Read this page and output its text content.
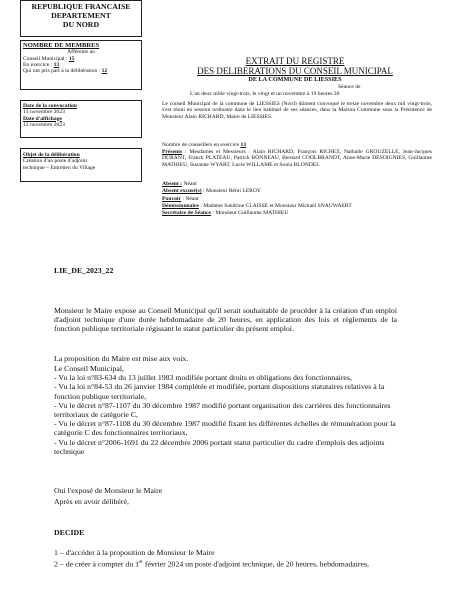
REPUBLIQUE FRANCAISE
DEPARTEMENT
DU NORD
NOMBRE DE MEMBRES
Afférents au
Conseil Municipal : 15
En exercice : 13
Qui ont pris part à la délibération : 12
Date de la convocation
13 novembre 2023
Date d'affichage
13 novembre 2023
Objet de la délibération
Création d'un poste d'adjoint
technique – Entretien du Village
EXTRAIT DU REGISTRE
DES DELIBERATIONS DU CONSEIL MUNICIPAL
DE LA COMMUNE DE LIESSIES
Séance de
L'an deux mille vingt-trois, le vingt et un novembre à 19 heures 30
Le conseil Municipal de la commune de LIESSIES (Nord) dûment convoqué le treize novembre deux mil vingt-trois, s'est réuni en session ordinaire dans le lieu habituel de ses séances, dans la Maison Commune sous la Présidence de Monsieur Alain RICHARD, Maire de LIESSIES.
Nombre de conseillers en exercice 13
Présents : Mesdames et Messieurs : Alain RICHARD, François RICHEZ, Nathalie GROUZELLE, Jean-Jacques DURANT, Franck PLATEAU, Patrick BONNEAU, Bernard COOLBRANDT, Anne-Marie DESOIGNIES, Guillaume MATHIEU, Suzanne WYART, Lucie WILLAME et Sonia BLONDEL
Absent : Néant
Absent excusé(s) : Monsieur Rémi LEROY
Pouvoir : Néant
Démissionnaire : Madame Sandrine CLAISSE et Monsieur Mickaël SNAUWAERT
Secrétaire de Séance : Monsieur Guillaume MATHIEU
LIE_DE_2023_22
Monsieur le Maire expose au Conseil Municipal qu'il serait souhaitable de procéder à la création d'un emploi d'adjoint technique d'une durée hebdomadaire de 20 heures, en application des lois et règlements de la fonction publique territoriale régissant le statut particulier du présent emploi.
La proposition du Maire est mise aux voix.
Le Conseil Municipal,
- Vu la loi n°83-634 du 13 juillet 1983 modifiée portant droits et obligations des fonctionnaires,
- Vu la loi n°84-53 du 26 janvier 1984 complétée et modifiée, portant dispositions statutaires relatives à la fonction publique territoriale,
- Vu le décret n°87-1107 du 30 décembre 1987 modifié portant organisation des carrières des fonctionnaires territoriaux de catégorie C,
- Vu le décret n°87-1108 du 30 décembre 1987 modifié fixant les différentes échelles de rémunération pour la catégorie C des fonctionnaires territoriaux,
- Vu le décret n°2006-1691 du 22 décembre 2006 portant statut particulier du cadre d'emplois des adjoints technique
Oui l'exposé de Monsieur le Maire
Après en avoir délibéré,
DECIDE
1 – d'accéder à la proposition de Monsieur le Maire
2 – de créer à compter du 1er février 2024 un poste d'adjoint technique, de 20 heures, hebdomadaires,
